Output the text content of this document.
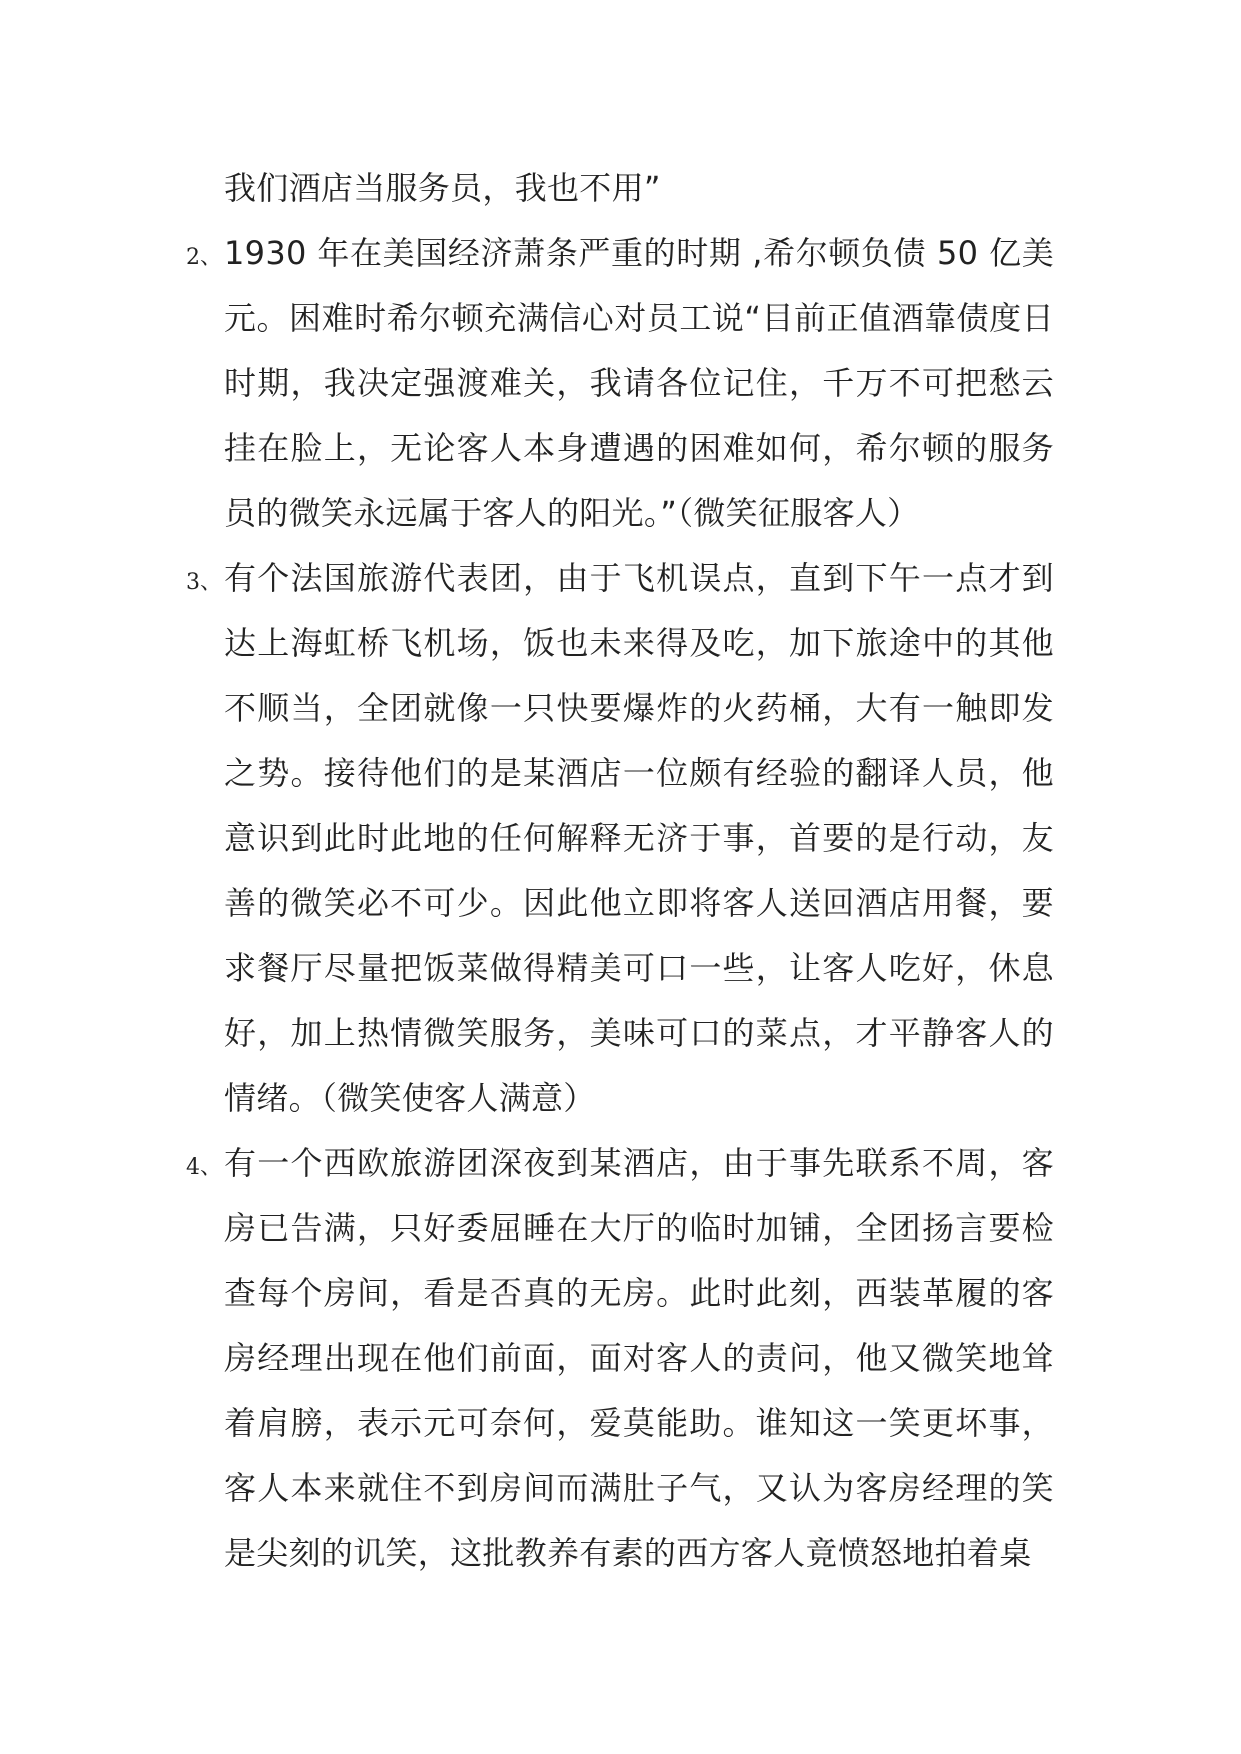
我们酒店当服务员，我也不用”

2、 1930 年在美国经济萧条严重的时期 ,希尔顿负债 50 亿美元。困难时希尔顿充满信心对员工说“目前正值酒靠债度日时期，我决定强渡难关，我请各位记住，千万不可把愁云挂在脸上，无论客人本身遭遇的困难如何，希尔顿的服务员的微笑永远属于客人的阳光。”（微笑征服客人）

3、 有个法国旅游代表团，由于飞机误点，直到下午一点才到达上海虹桥飞机场，饭也未来得及吃，加下旅途中的其他不顺当，全团就像一只快要爆炸的火药桶，大有一触即发之势。接待他们的是某酒店一位颇有经验的翻译人员，他意识到此时此地的任何解释无济于事，首要的是行动，友善的微笑必不可少。因此他立即将客人送回酒店用餐，要求餐厅尽量把饭菜做得精美可口一些，让客人吃好，休息好，加上热情微笑服务，美味可口的菜点，才平静客人的情绪。（微笑使客人满意）

4、 有一个西欧旅游团深夜到某酒店，由于事先联系不周，客房已告满，只好委屈睡在大厅的临时加铺，全团扬言要检查每个房间，看是否真的无房。此时此刻，西装革履的客房经理出现在他们前面，面对客人的责问，他又微笑地耸着肩膀，表示元可奈何，爱莫能助。谁知这一笑更坏事，客人本来就住不到房间而满肚子气，又认为客房经理的笑是尖刻的讥笑，这批教养有素的西方客人竟愤怒地拍着桌
